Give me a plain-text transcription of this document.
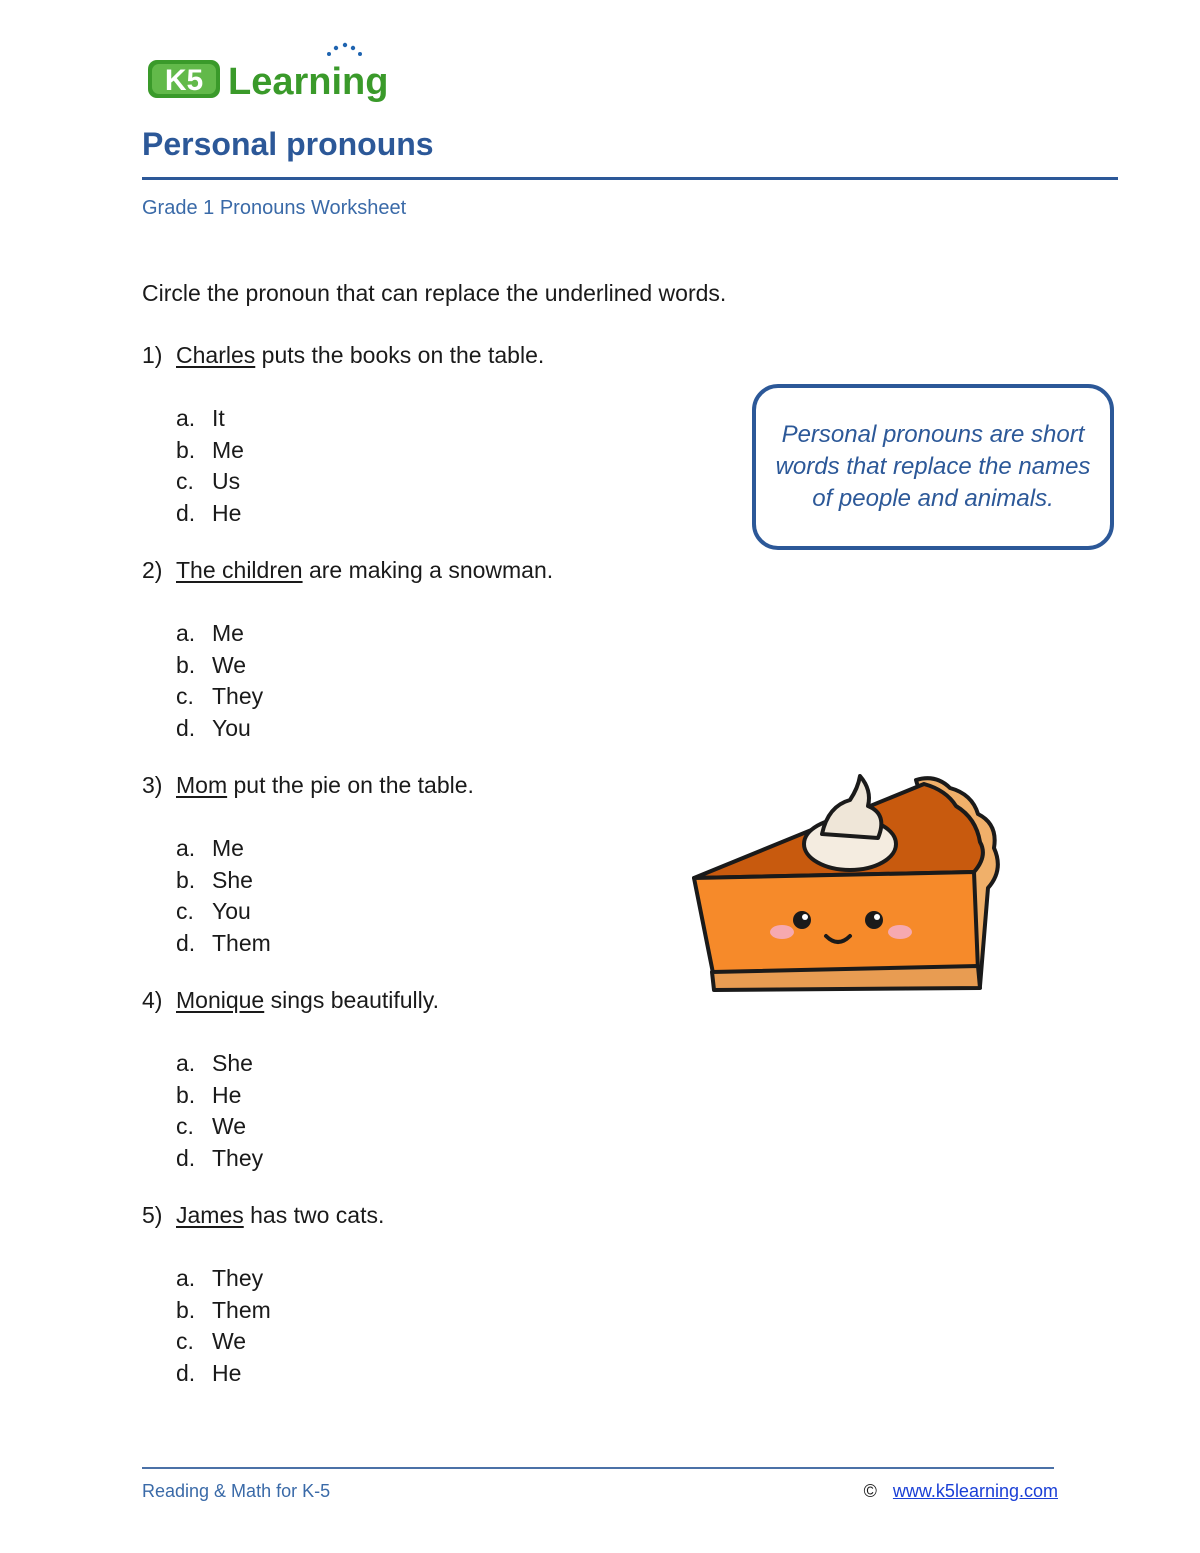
K5 Learning
Personal pronouns
Grade 1 Pronouns Worksheet
Circle the pronoun that can replace the underlined words.
1) Charles puts the books on the table.
a. It
b. Me
c. Us
d. He
2) The children are making a snowman.
a. Me
b. We
c. They
d. You
3) Mom put the pie on the table.
a. Me
b. She
c. You
d. Them
4) Monique sings beautifully.
a. She
b. He
c. We
d. They
5) James has two cats.
a. They
b. Them
c. We
d. He
Personal pronouns are short words that replace the names of people and animals.
Reading & Math for K-5	© www.k5learning.com
